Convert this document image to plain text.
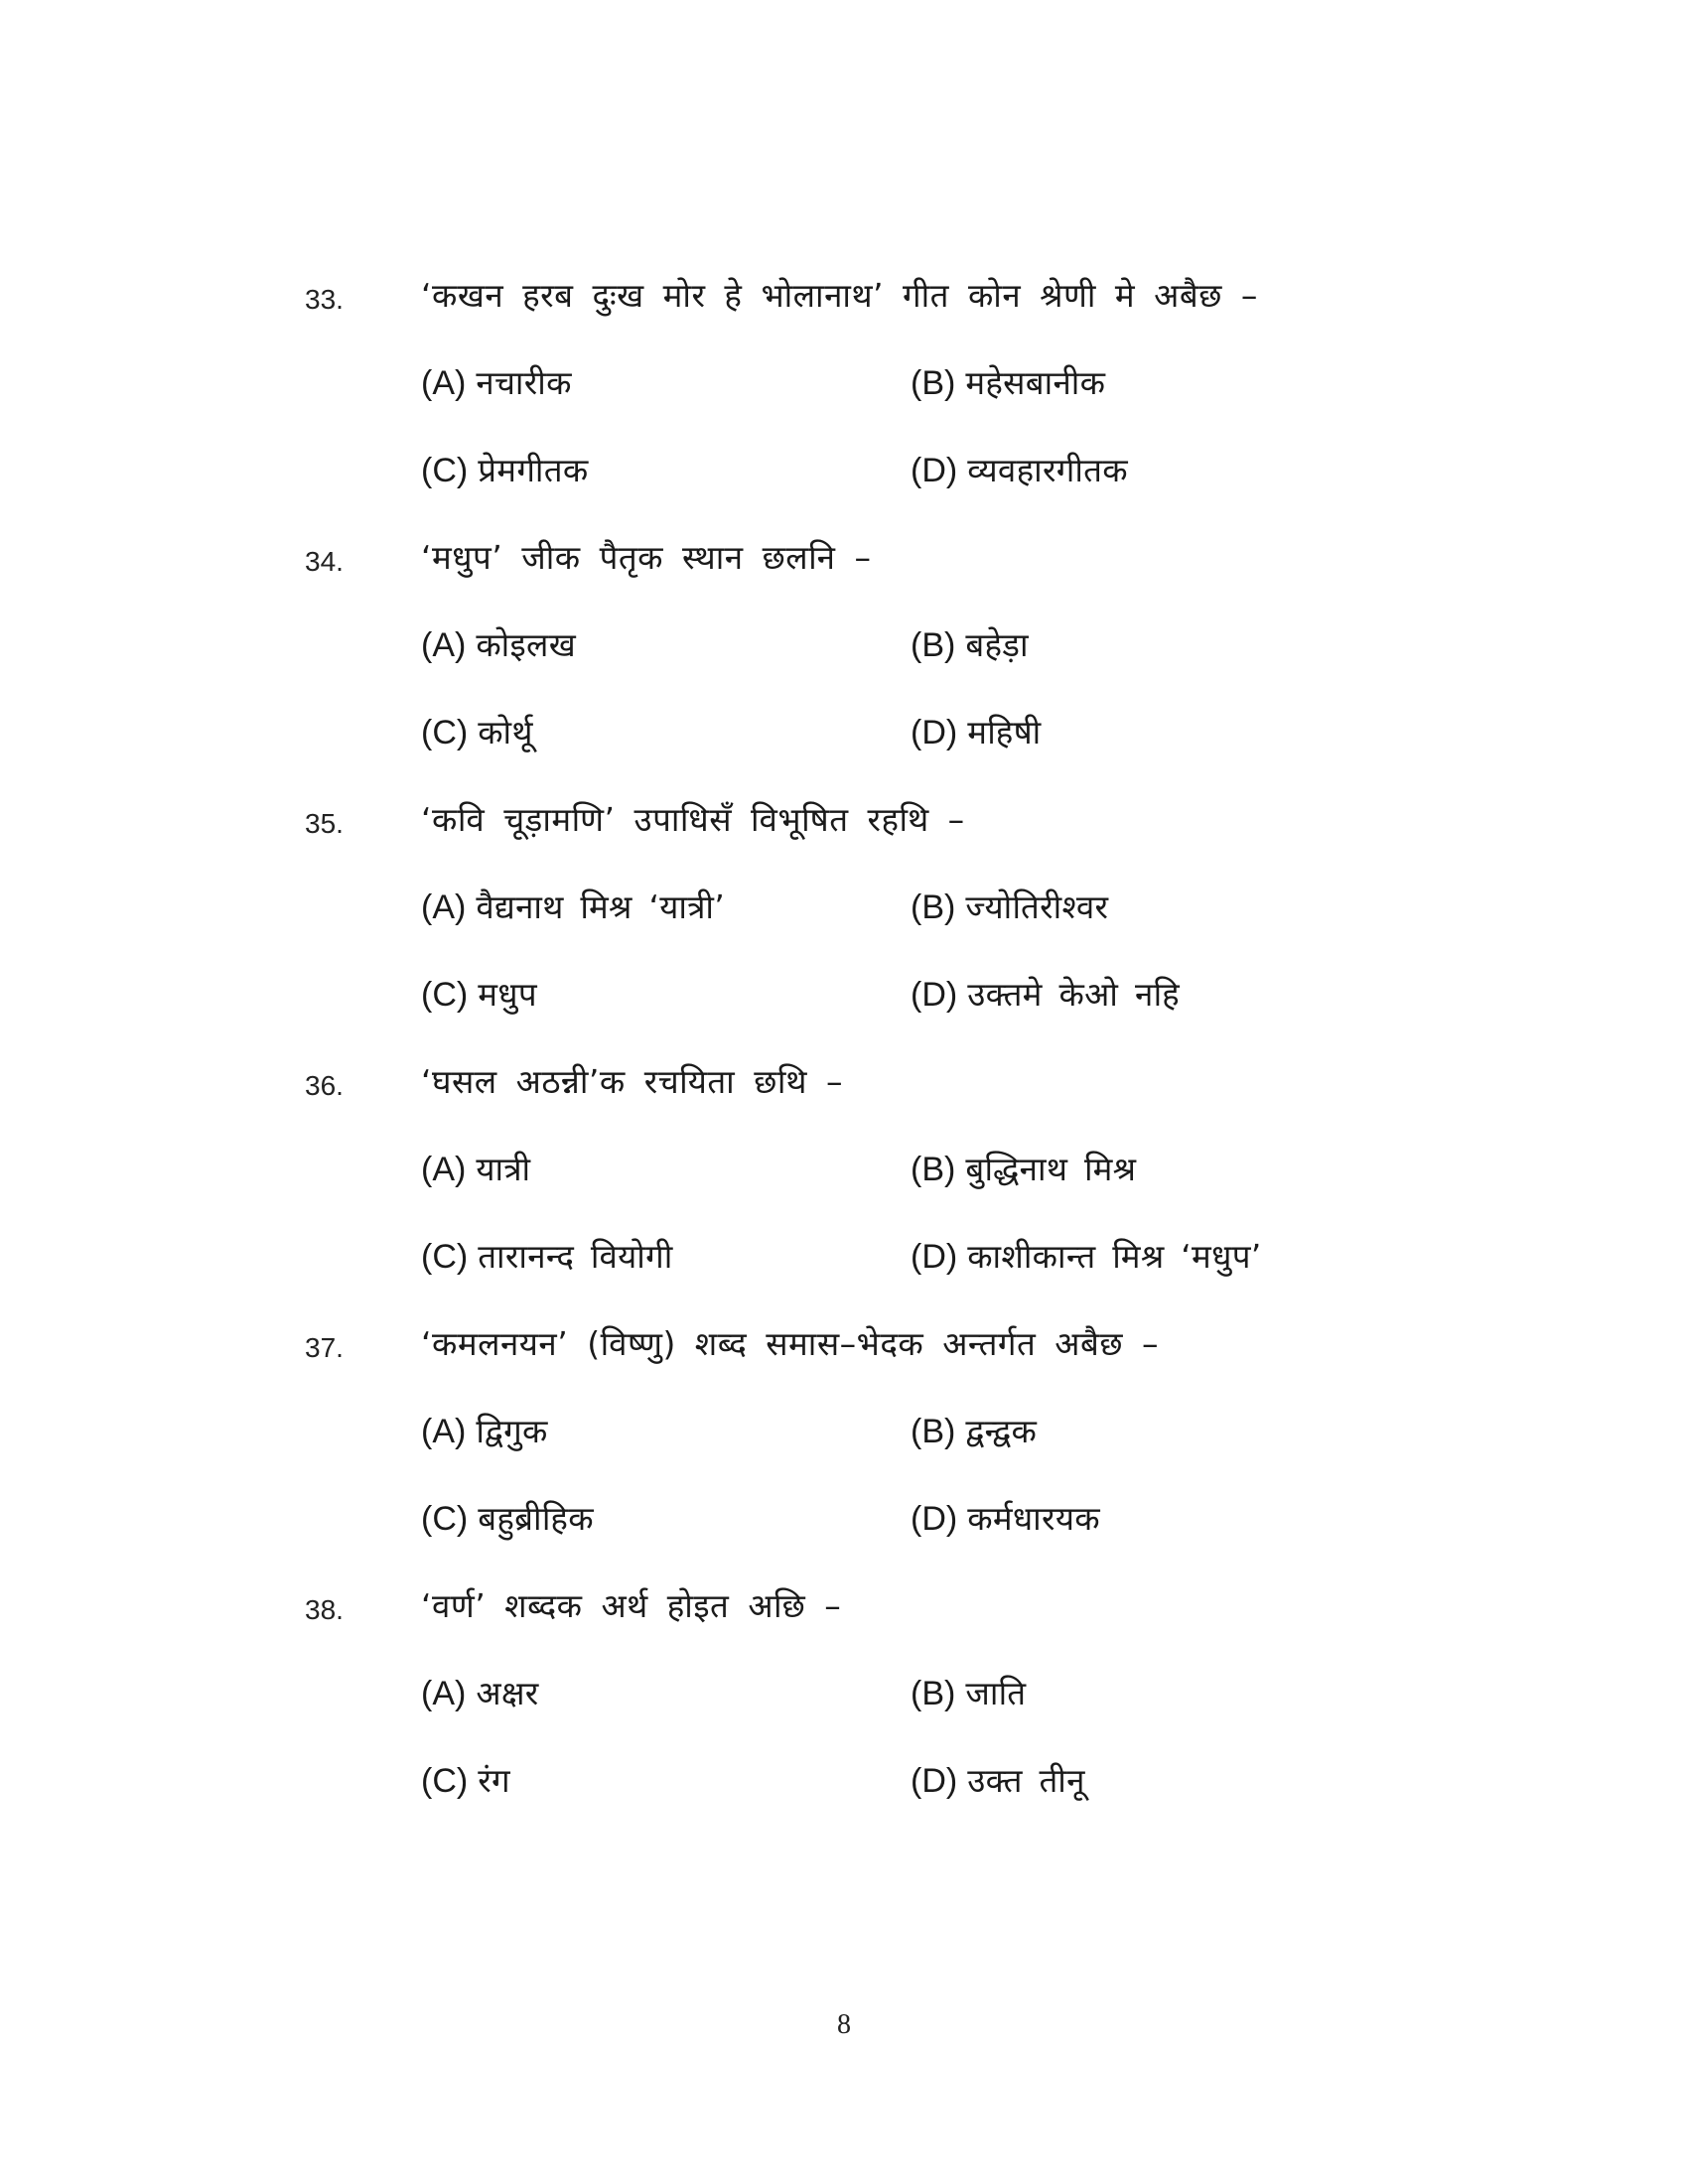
33. ‘कखन हरब दुःख मोर हे भोलानाथ’ गीत कोन श्रेणी मे अबैछ –
(A) नचारीक	(B) महेसबानीक
(C) प्रेमगीतक	(D) व्यवहारगीतक
34. ‘मधुप’ जीक पैतृक स्थान छलनि –
(A) कोइलख	(B) बहेड़ा
(C) कोर्थू	(D) महिषी
35. ‘कवि चूड़ामणि’ उपाधिसँ विभूषित रहथि –
(A) वैद्यनाथ मिश्र ‘यात्री’	(B) ज्योतिरीश्वर
(C) मधुप	(D) उक्तमे केओ नहि
36. ‘घसल अठन्नी’क रचयिता छथि –
(A) यात्री	(B) बुद्धिनाथ मिश्र
(C) तारानन्द वियोगी	(D) काशीकान्त मिश्र ‘मधुप’
37. ‘कमलनयन’ (विष्णु) शब्द समास–भेदक अन्तर्गत अबैछ –
(A) द्विगुक	(B) द्वन्द्वक
(C) बहुब्रीहिक	(D) कर्मधारयक
38. ‘वर्ण’ शब्दक अर्थ होइत अछि –
(A) अक्षर	(B) जाति
(C) रंग	(D) उक्त तीनू
8
